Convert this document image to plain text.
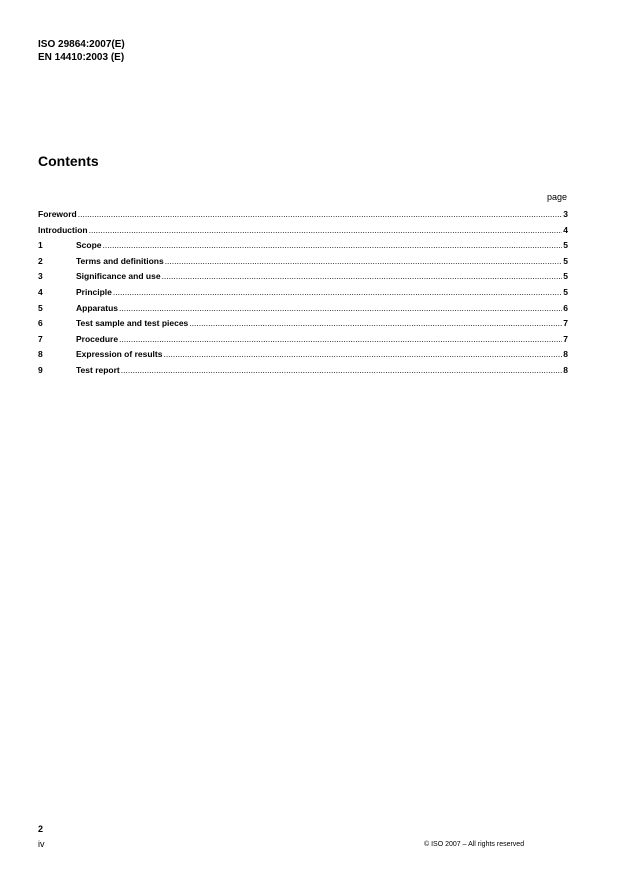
ISO 29864:2007(E)
EN 14410:2003 (E)
Contents
page
Foreword .....	3
Introduction .....	4
1	Scope .....	5
2	Terms and definitions .....	5
3	Significance and use .....	5
4	Principle .....	5
5	Apparatus .....	6
6	Test sample and test pieces .....	7
7	Procedure .....	7
8	Expression of results .....	8
9	Test report .....	8
2
iv	© ISO 2007 – All rights reserved
